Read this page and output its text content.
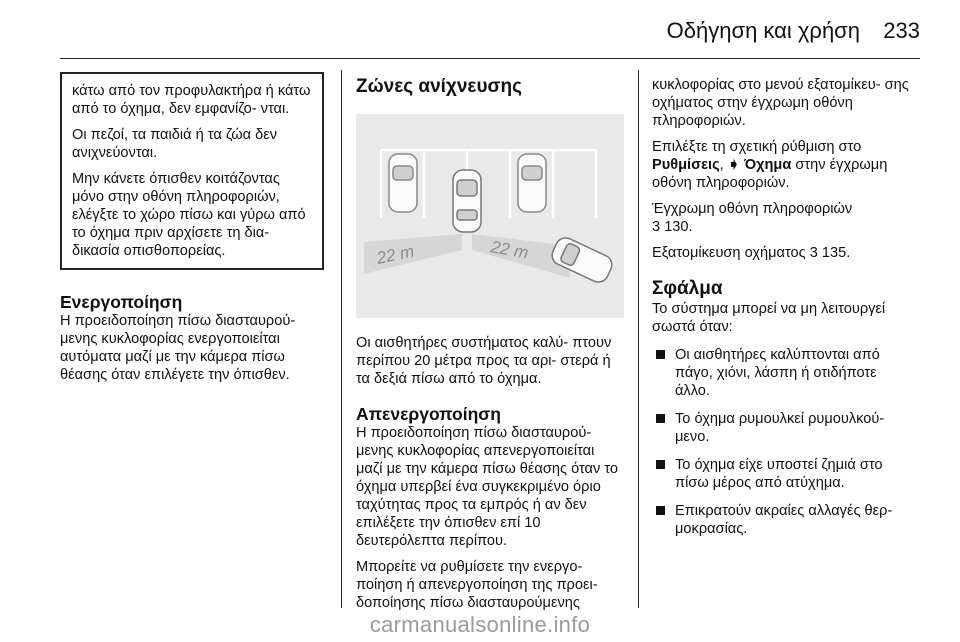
Οδήγηση και χρήση 233

κάτω από τον προφυλακτήρα ή κάτω από το όχημα, δεν εμφανίζο- νται.

Οι πεζοί, τα παιδιά ή τα ζώα δεν ανιχνεύονται.

Μην κάνετε όπισθεν κοιτάζοντας μόνο στην οθόνη πληροφοριών, ελέγξτε το χώρο πίσω και γύρω από το όχημα πριν αρχίσετε τη δια- δικασία οπισθοπορείας.

Ενεργοποίηση

Η προειδοποίηση πίσω διασταυρού- μενης κυκλοφορίας ενεργοποιείται αυτόματα μαζί με την κάμερα πίσω θέασης όταν επιλέγετε την όπισθεν.

Ζώνες ανίχνευσης
22 m	22 m

Οι αισθητήρες συστήματος καλύ- πτουν περίπου 20 μέτρα προς τα αρι- στερά ή τα δεξιά πίσω από το όχημα.

Απενεργοποίηση

Η προειδοποίηση πίσω διασταυρού- μενης κυκλοφορίας απενεργοποιείται μαζί με την κάμερα πίσω θέασης όταν το όχημα υπερβεί ένα συγκεκριμένο όριο ταχύτητας προς τα εμπρός ή αν δεν επιλέξετε την όπισθεν επί 10 δευτερόλεπτα περίπου.

Μπορείτε να ρυθμίσετε την ενεργο- ποίηση ή απενεργοποίηση της προει- δοποίησης πίσω διασταυρούμενης

κυκλοφορίας στο μενού εξατομίκευ- σης οχήματος στην έγχρωμη οθόνη πληροφοριών.

Επιλέξτε τη σχετική ρύθμιση στο Ρυθμίσεις, ➧ Όχημα στην έγχρωμη οθόνη πληροφοριών.

Έγχρωμη οθόνη πληροφοριών
3 130.

Εξατομίκευση οχήματος 3 135.

Σφάλμα

Το σύστημα μπορεί να μη λειτουργεί σωστά όταν:

Οι αισθητήρες καλύπτονται από πάγο, χιόνι, λάσπη ή οτιδήποτε άλλο.
Το όχημα ρυμουλκεί ρυμουλκού- μενο.
Το όχημα είχε υποστεί ζημιά στο πίσω μέρος από ατύχημα.
Επικρατούν ακραίες αλλαγές θερ- μοκρασίας.
carmanualsonline.info
